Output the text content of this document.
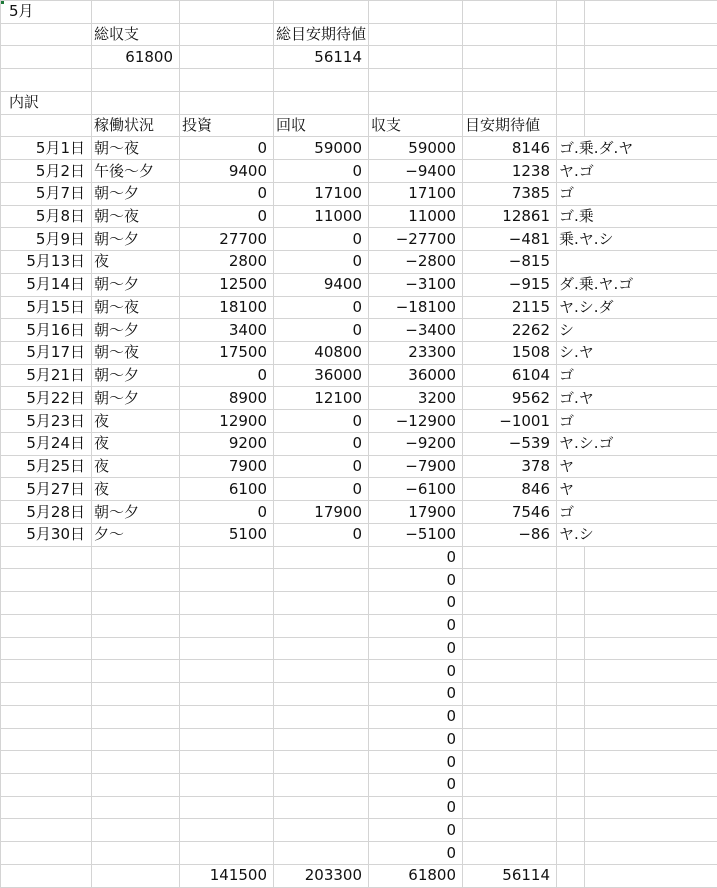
5月							
	総収支		総目安期待値				
	61800		56114				

内訳							
	稼働状況	投資	回収	収支	目安期待値		
5月1日	朝～夜	0	59000	59000	8146	ゴ.乗.ダ.ヤ	
5月2日	午後～夕	9400	0	−9400	1238	ヤ.ゴ	
5月7日	朝～夕	0	17100	17100	7385	ゴ	
5月8日	朝～夜	0	11000	11000	12861	ゴ.乗	
5月9日	朝～夕	27700	0	−27700	−481	乗.ヤ.シ	
5月13日	夜	2800	0	−2800	−815		
5月14日	朝～夕	12500	9400	−3100	−915	ダ.乗.ヤ.ゴ	
5月15日	朝～夜	18100	0	−18100	2115	ヤ.シ.ダ	
5月16日	朝～夕	3400	0	−3400	2262	シ	
5月17日	朝～夜	17500	40800	23300	1508	シ.ヤ	
5月21日	朝～夕	0	36000	36000	6104	ゴ	
5月22日	朝～夕	8900	12100	3200	9562	ゴ.ヤ	
5月23日	夜	12900	0	−12900	−1001	ゴ	
5月24日	夜	9200	0	−9200	−539	ヤ.シ.ゴ	
5月25日	夜	7900	0	−7900	378	ヤ	
5月27日	夜	6100	0	−6100	846	ヤ	
5月28日	朝～夕	0	17900	17900	7546	ゴ	
5月30日	夕～	5100	0	−5100	−86	ヤ.シ	
				0			
				0			
				0			
				0			
				0			
				0			
				0			
				0			
				0			
				0			
				0			
				0			
				0			
				0			
		141500	203300	61800	56114		
